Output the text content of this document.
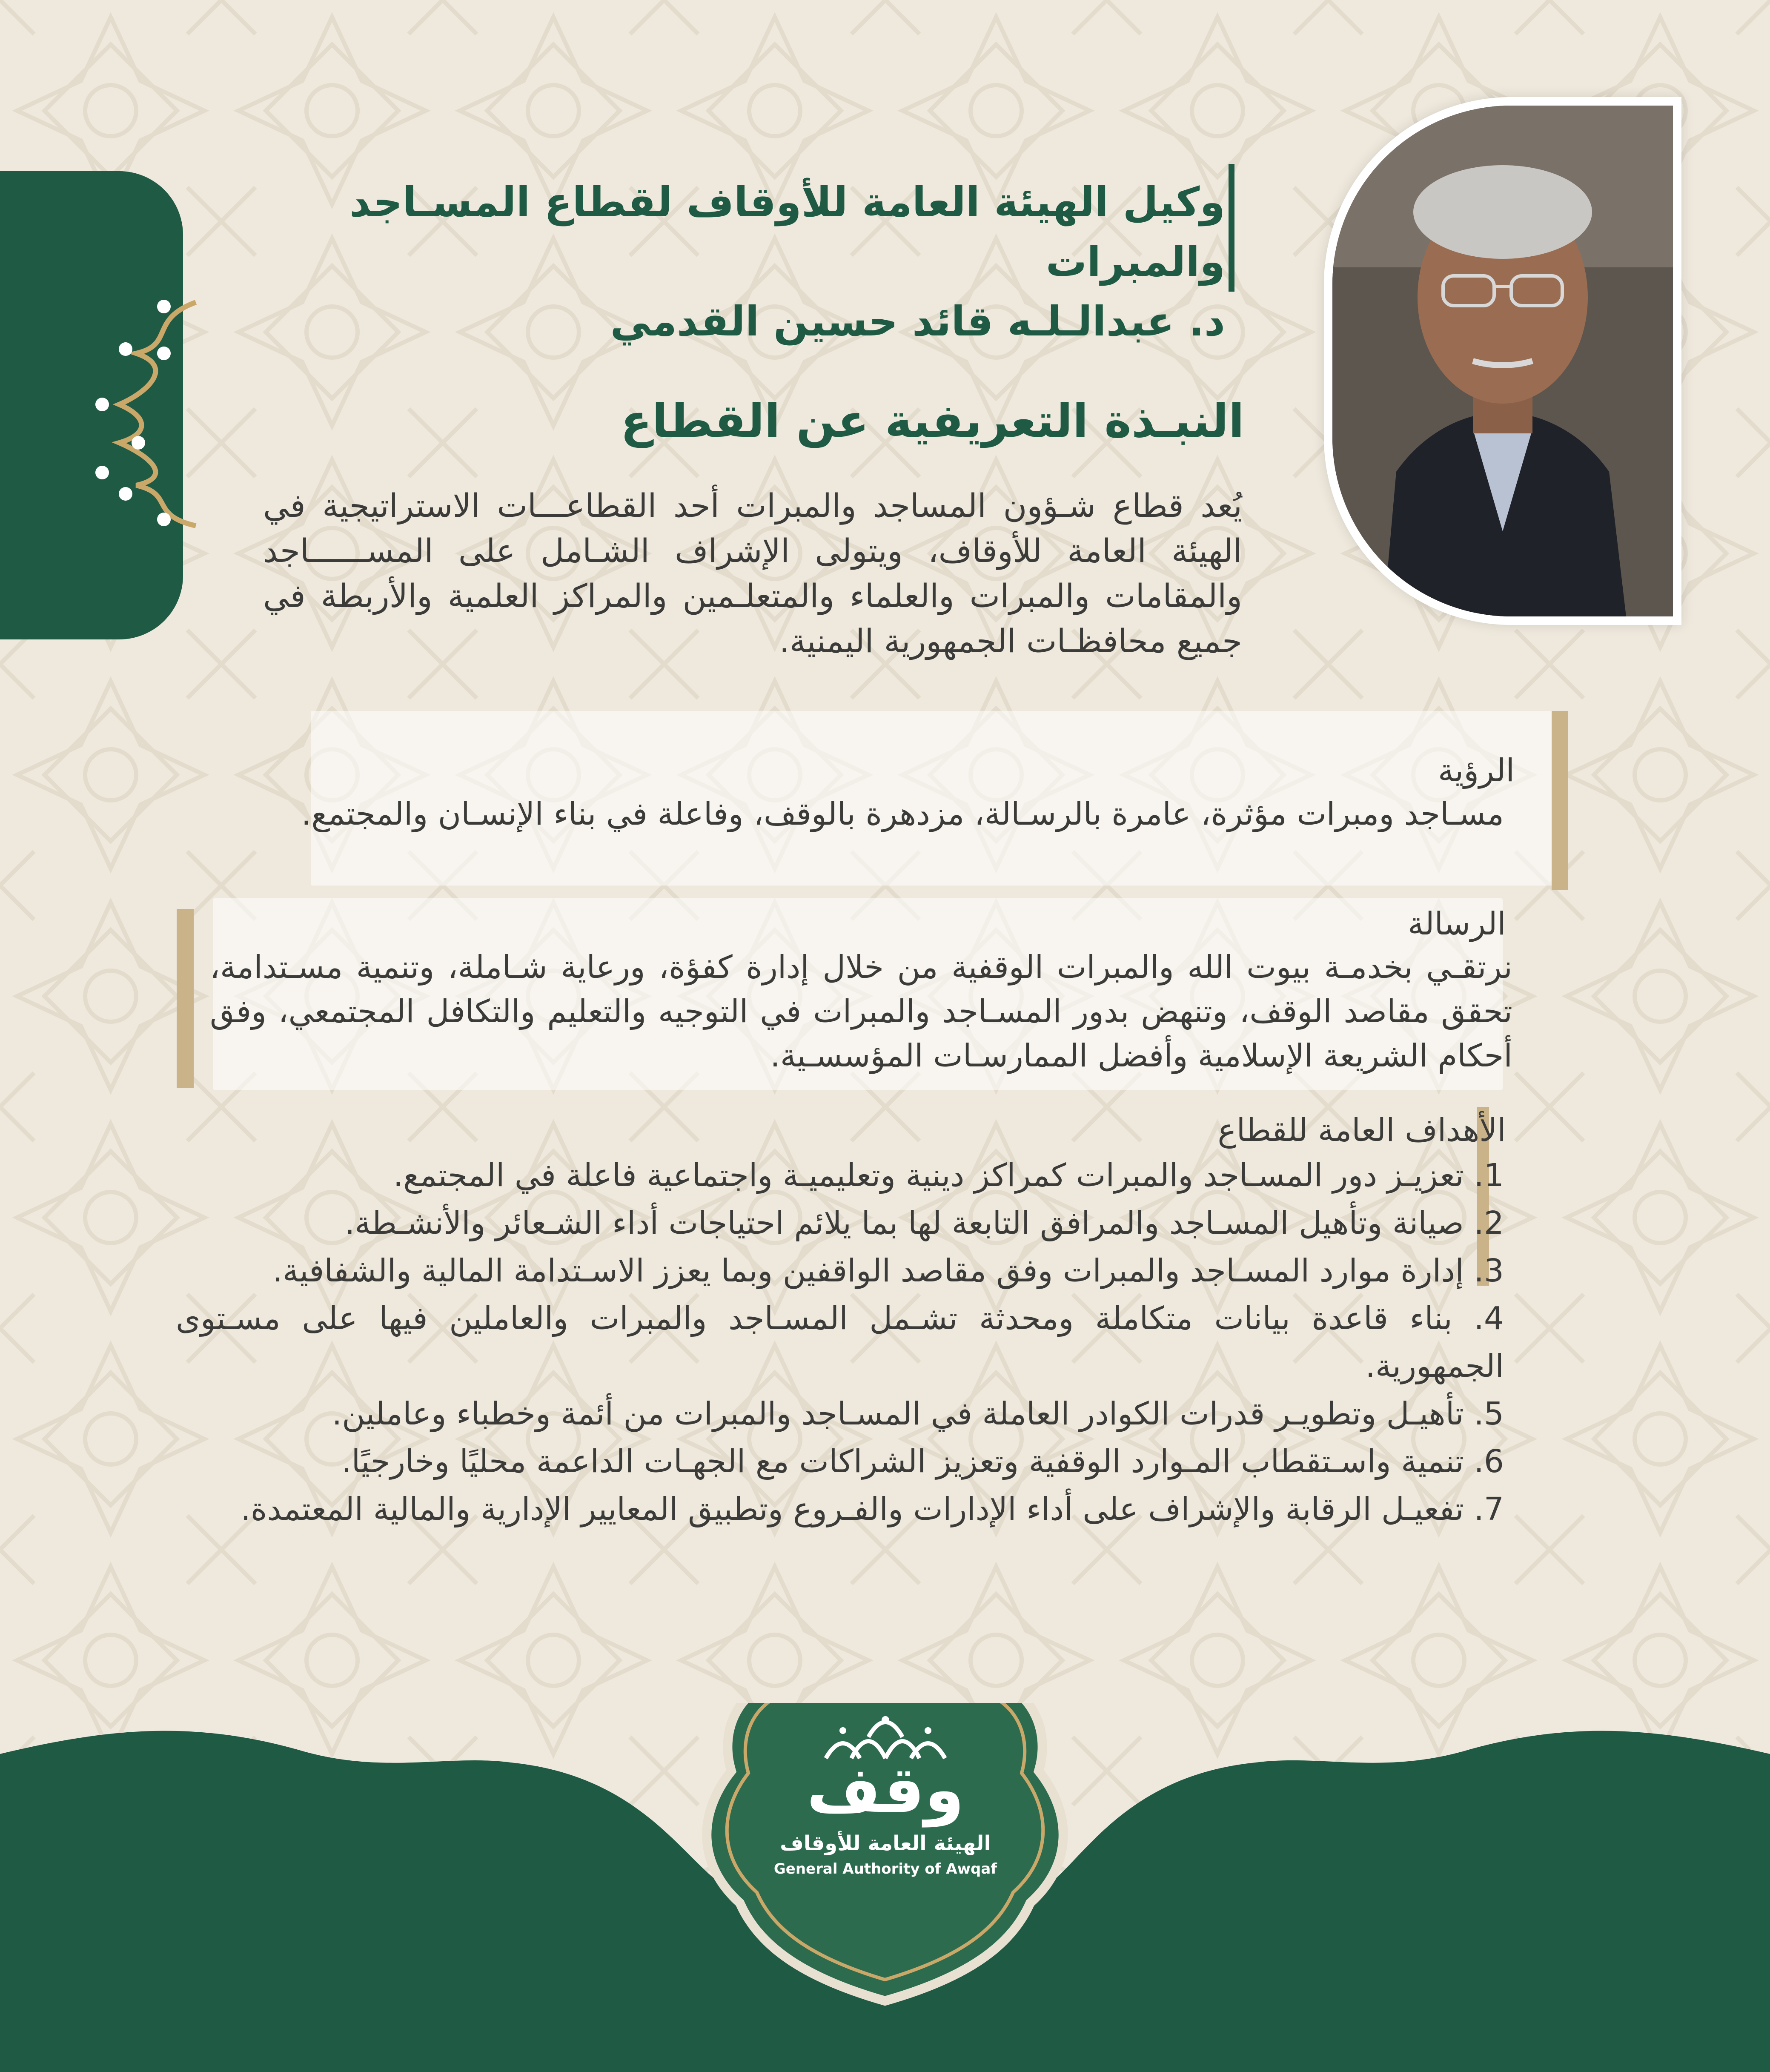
وكيل الهيئة العامة للأوقاف لقطاع المسـاجد والمبرات
د. عبدالـلـه قائد حسين القدمي
النبـذة التعريفية عن القطاع
يُعد قطاع شـؤون المساجد والمبرات أحد القطاعـــات الاستراتيجية في الهيئة العامة للأوقاف، ويتولى الإشراف الشـامل على المســــــاجد والمقامات والمبرات والعلماء والمتعلـمين والمراكز العلمية والأربطة في جميع محافظـات الجمهورية اليمنية.
الرؤية
مسـاجد ومبرات مؤثرة، عامرة بالرسـالة، مزدهرة بالوقف، وفاعلة في بناء الإنسـان والمجتمع.
الرسالة
نرتقـي بخدمـة بيوت الله والمبرات الوقفية من خلال إدارة كفؤة، ورعاية شـاملة، وتنمية مسـتدامة، تحقق مقاصد الوقف، وتنهض بدور المسـاجد والمبرات في التوجيه والتعليم والتكافل المجتمعي، وفق أحكام الشريعة الإسلامية وأفضل الممارسـات المؤسسـية.
الأهداف العامة للقطاع
1. تعزيـز دور المسـاجد والمبرات كمراكز دينية وتعليميـة واجتماعية فاعلة في المجتمع.
2. صيانة وتأهيل المسـاجد والمرافق التابعة لها بما يلائم احتياجات أداء الشـعائر والأنشـطة.
3. إدارة موارد المسـاجد والمبرات وفق مقاصد الواقفين وبما يعزز الاسـتدامة المالية والشفافية.
4. بناء قاعدة بيانات متكاملة ومحدثة تشـمل المسـاجد والمبرات والعاملين فيها على مسـتوى الجمهورية.
5. تأهيـل وتطويـر قدرات الكوادر العاملة في المسـاجد والمبرات من أئمة وخطباء وعاملين.
6. تنمية واسـتقطاب المـوارد الوقفية وتعزيز الشراكات مع الجهـات الداعمة محليًا وخارجيًا.
7. تفعيـل الرقابة والإشراف على أداء الإدارات والفـروع وتطبيق المعايير الإدارية والمالية المعتمدة.
وقف
الهيئة العامة للأوقاف
General Authority of Awqaf
